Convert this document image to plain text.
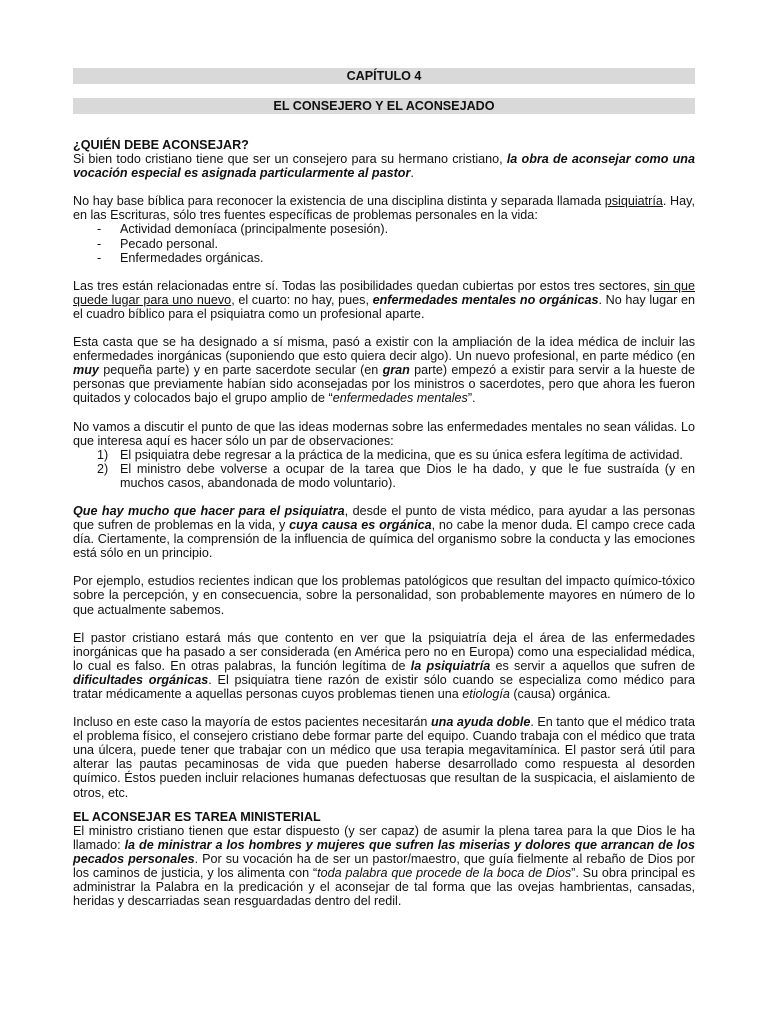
CAPÍTULO 4
EL CONSEJERO Y EL ACONSEJADO

¿QUIÉN DEBE ACONSEJAR?

Si bien todo cristiano tiene que ser un consejero para su hermano cristiano, la obra de aconsejar como una vocación especial es asignada particularmente al pastor.

No hay base bíblica para reconocer la existencia de una disciplina distinta y separada llamada psiquiatría. Hay, en las Escrituras, sólo tres fuentes específicas de problemas personales en la vida:

- Actividad demoníaca (principalmente posesión).
- Pecado personal.
- Enfermedades orgánicas.

Las tres están relacionadas entre sí. Todas las posibilidades quedan cubiertas por estos tres sectores, sin que quede lugar para uno nuevo, el cuarto: no hay, pues, enfermedades mentales no orgánicas. No hay lugar en el cuadro bíblico para el psiquiatra como un profesional aparte.

Esta casta que se ha designado a sí misma, pasó a existir con la ampliación de la idea médica de incluir las enfermedades inorgánicas (suponiendo que esto quiera decir algo). Un nuevo profesional, en parte médico (en muy pequeña parte) y en parte sacerdote secular (en gran parte) empezó a existir para servir a la hueste de personas que previamente habían sido aconsejadas por los ministros o sacerdotes, pero que ahora les fueron quitados y colocados bajo el grupo amplio de “enfermedades mentales”.

No vamos a discutir el punto de que las ideas modernas sobre las enfermedades mentales no sean válidas. Lo que interesa aquí es hacer sólo un par de observaciones:

1) El psiquiatra debe regresar a la práctica de la medicina, que es su única esfera legítima de actividad.
2) El ministro debe volverse a ocupar de la tarea que Dios le ha dado, y que le fue sustraída (y en muchos casos, abandonada de modo voluntario).

Que hay mucho que hacer para el psiquiatra, desde el punto de vista médico, para ayudar a las personas que sufren de problemas en la vida, y cuya causa es orgánica, no cabe la menor duda. El campo crece cada día. Ciertamente, la comprensión de la influencia de química del organismo sobre la conducta y las emociones está sólo en un principio.

Por ejemplo, estudios recientes indican que los problemas patológicos que resultan del impacto químico-tóxico sobre la percepción, y en consecuencia, sobre la personalidad, son probablemente mayores en número de lo que actualmente sabemos.

El pastor cristiano estará más que contento en ver que la psiquiatría deja el área de las enfermedades inorgánicas que ha pasado a ser considerada (en América pero no en Europa) como una especialidad médica, lo cual es falso. En otras palabras, la función legítima de la psiquiatría es servir a aquellos que sufren de dificultades orgánicas. El psiquiatra tiene razón de existir sólo cuando se especializa como médico para tratar médicamente a aquellas personas cuyos problemas tienen una etiología (causa) orgánica.

Incluso en este caso la mayoría de estos pacientes necesitarán una ayuda doble. En tanto que el médico trata el problema físico, el consejero cristiano debe formar parte del equipo. Cuando trabaja con el médico que trata una úlcera, puede tener que trabajar con un médico que usa terapia megavitamínica. El pastor será útil para alterar las pautas pecaminosas de vida que pueden haberse desarrollado como respuesta al desorden químico. Éstos pueden incluir relaciones humanas defectuosas que resultan de la suspicacia, el aislamiento de otros, etc.

EL ACONSEJAR ES TAREA MINISTERIAL

El ministro cristiano tienen que estar dispuesto (y ser capaz) de asumir la plena tarea para la que Dios le ha llamado: la de ministrar a los hombres y mujeres que sufren las miserias y dolores que arrancan de los pecados personales. Por su vocación ha de ser un pastor/maestro, que guía fielmente al rebaño de Dios por los caminos de justicia, y los alimenta con “toda palabra que procede de la boca de Dios”. Su obra principal es administrar la Palabra en la predicación y el aconsejar de tal forma que las ovejas hambrientas, cansadas, heridas y descarriadas sean resguardadas dentro del redil.
